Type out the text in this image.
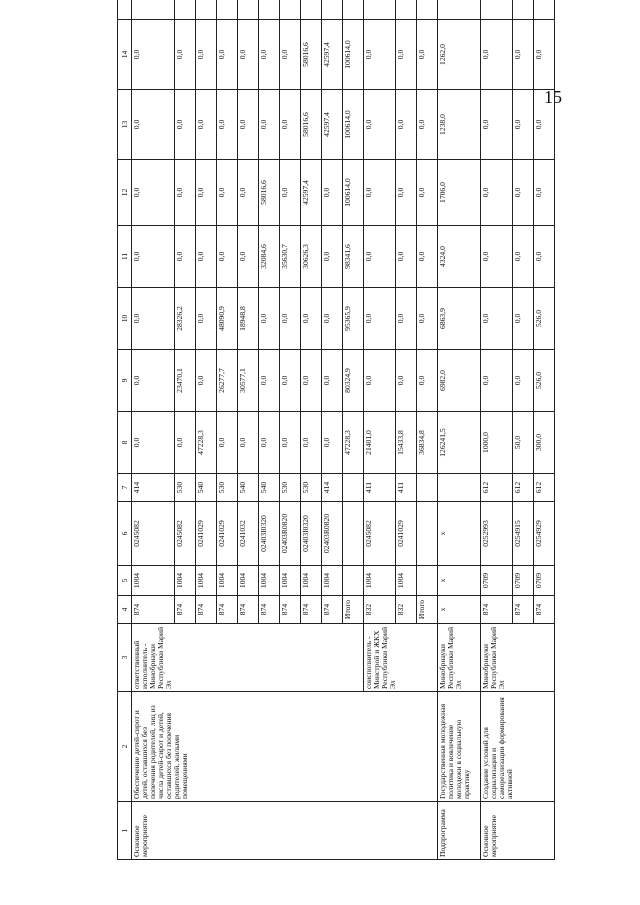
15
1	2	3	4	5	6	7	8	9	10	11	12	13	14	
Основное мероприятие	Обеспечение детей-сирот и детей, оставшихся без попечения родителей, лиц из числа детей-сирот и детей, оставшихся без попечения родителей, жилыми помещениями	ответственный исполнитель - Минобрнауки Республики Марий Эл	874	1004	0245082	414	0,0	0,0	0,0	0,0	0,0	0,0	0,0	
			874	1004	0245082	530	0,0	23470,1	28326,2	0,0	0,0	0,0	0,0	
			874	1004	0241029	540	47228,3	0,0	0,0	0,0	0,0	0,0	0,0	
			874	1004	0241029	530	0,0	26277,7	48090,9	0,0	0,0	0,0	0,0	
			874	1004	0241032	540	0,0	30577,1	18948,8	0,0	0,0	0,0	0,0	
			874	1004	02403I0320	540	0,0	0,0	0,0	32084,6	58016,6	0,0	0,0	
			874	1004	02403R0820	530	0,0	0,0	0,0	35630,7	0,0	0,0	0,0	
			874	1004	02403I0320	530	0,0	0,0	0,0	30626,3	42597,4	58016,6	58016,6	
			874	1004	02403R0820	414	0,0	0,0	0,0	0,0	0,0	42597,4	42597,4	
			Итого				47228,3	80324,9	95365,9	98341,6	100614,0	100614,0	100614,0	
		соисполнитель - Минстрой и ЖКХ Республики Марий Эл	832	1004	0245082	411	21401,0	0,0	0,0	0,0	0,0	0,0	0,0	
			832	1004	0241029	411	15433,8	0,0	0,0	0,0	0,0	0,0	0,0	
			Итого				36834,8	0,0	0,0	0,0	0,0	0,0	0,0	
Подпрограмма	Государственная молодежная политика и вовлечение молодежи в социальную практику	Минобрнауки Республики Марий Эл	x	x	x		126241,5	6982,0	6863,9	4324,0	1706,0	1238,0	1262,0	
Основное мероприятие	Создание условий для социализации и самореализации формирования активной	Минобрнауки Республики Марий Эл	874	0709	0252993	612	1000,0	0,0	0,0	0,0	0,0	0,0	0,0	
			874	0709	0254915	612	50,0	0,0	0,0	0,0	0,0	0,0	0,0	
			874	0709	0254929	612	300,0	526,0	526,0	0,0	0,0	0,0	0,0	
